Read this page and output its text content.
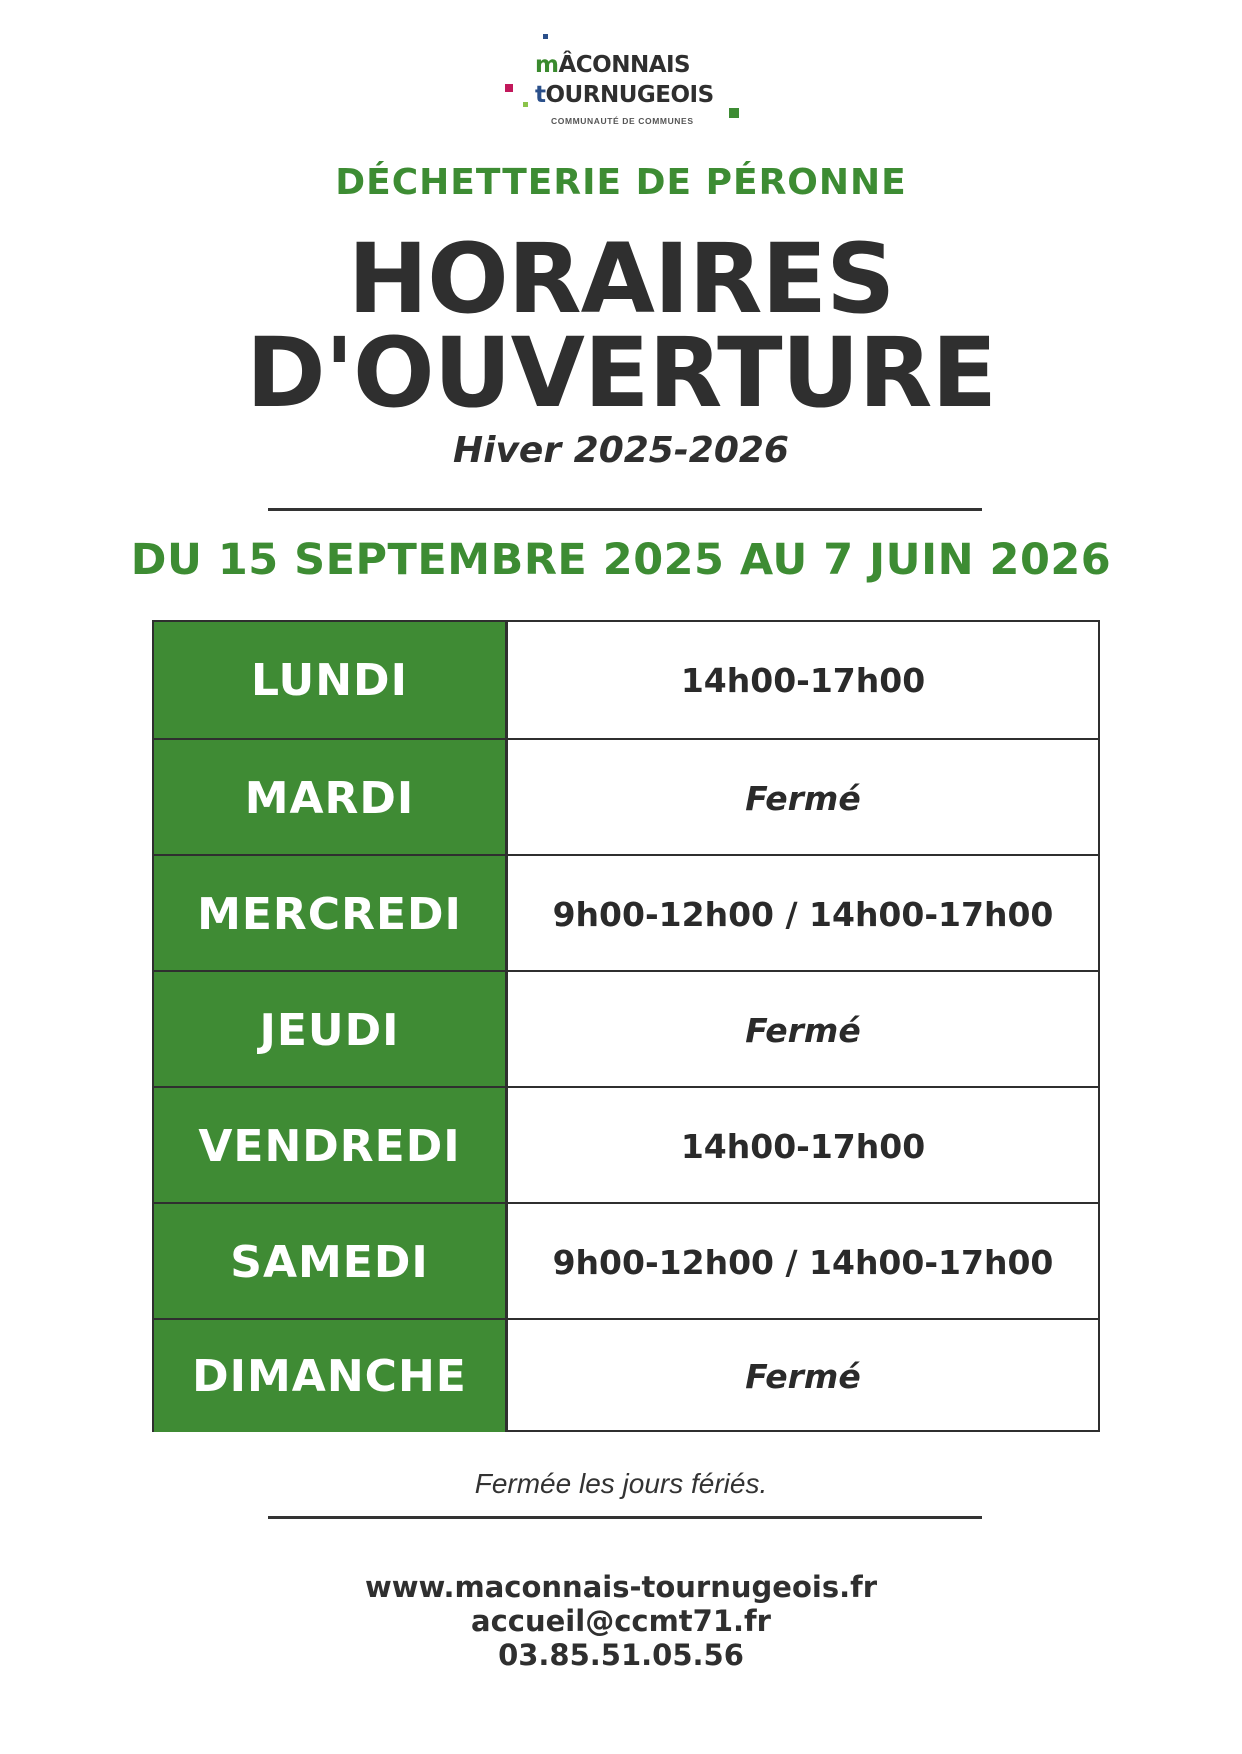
mÂCONNAIS
tOURNUGEOIS
COMMUNAUTÉ DE COMMUNES
DÉCHETTERIE DE PÉRONNE
HORAIRES
D'OUVERTURE
Hiver 2025-2026
DU 15 SEPTEMBRE 2025 AU 7 JUIN 2026
LUNDI	14h00-17h00
MARDI	Fermé
MERCREDI	9h00-12h00 / 14h00-17h00
JEUDI	Fermé
VENDREDI	14h00-17h00
SAMEDI	9h00-12h00 / 14h00-17h00
DIMANCHE	Fermé
Fermée les jours fériés.
www.maconnais-tournugeois.fr
accueil@ccmt71.fr
03.85.51.05.56
